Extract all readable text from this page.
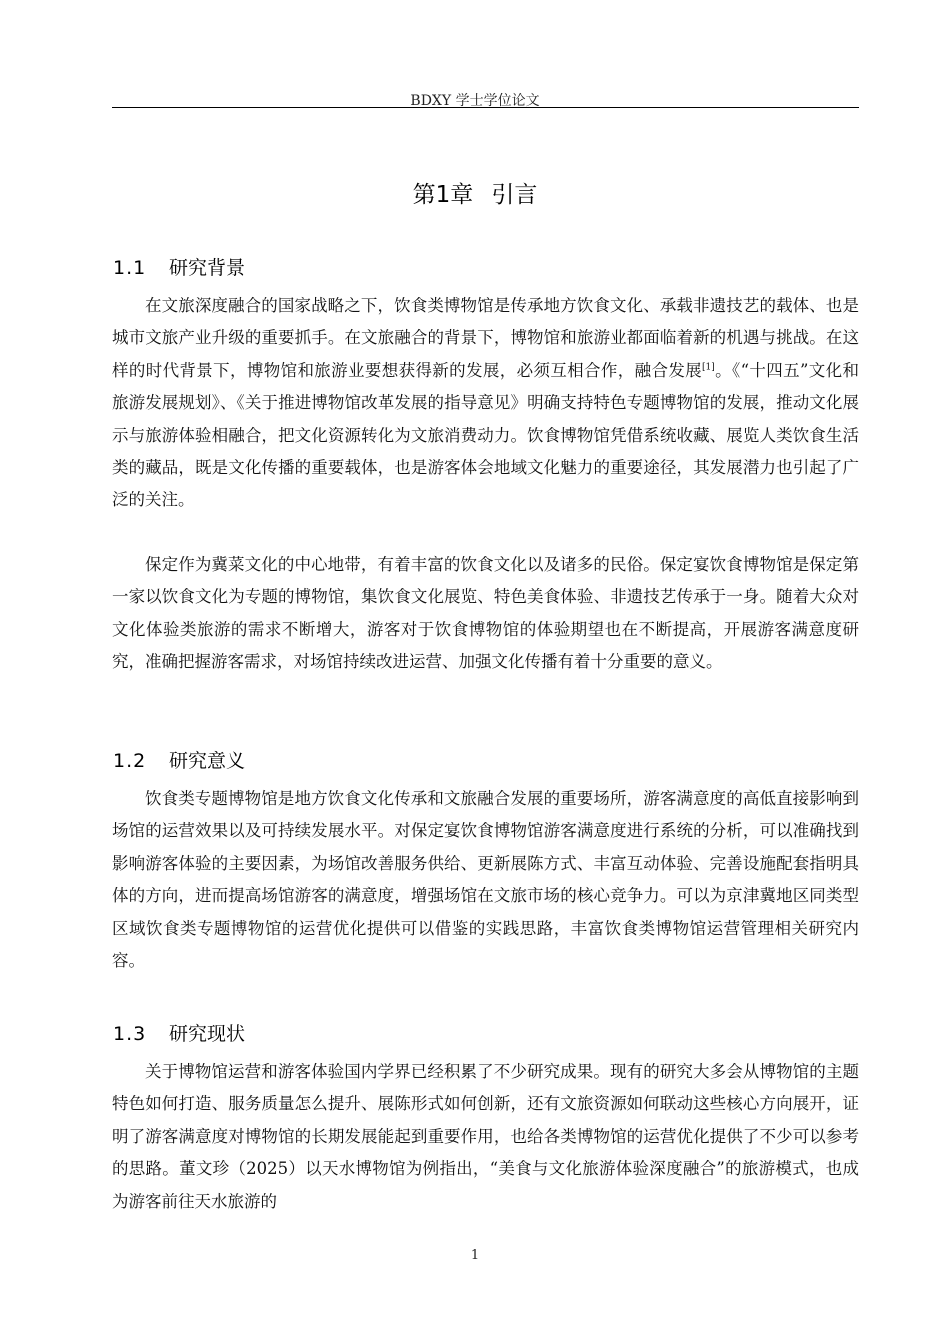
BDXY 学士学位论文
第1章 引言
1.1 研究背景

在文旅深度融合的国家战略之下，饮食类博物馆是传承地方饮食文化、承载非遗技艺的载体、也是城市文旅产业升级的重要抓手。在文旅融合的背景下，博物馆和旅游业都面临着新的机遇与挑战。在这样的时代背景下，博物馆和旅游业要想获得新的发展，必须互相合作，融合发展[1]。《“十四五”文化和旅游发展规划》、《关于推进博物馆改革发展的指导意见》明确支持特色专题博物馆的发展，推动文化展示与旅游体验相融合，把文化资源转化为文旅消费动力。饮食博物馆凭借系统收藏、展览人类饮食生活类的藏品，既是文化传播的重要载体，也是游客体会地域文化魅力的重要途径，其发展潜力也引起了广泛的关注。

保定作为冀菜文化的中心地带，有着丰富的饮食文化以及诸多的民俗。保定宴饮食博物馆是保定第一家以饮食文化为专题的博物馆，集饮食文化展览、特色美食体验、非遗技艺传承于一身。随着大众对文化体验类旅游的需求不断增大，游客对于饮食博物馆的体验期望也在不断提高，开展游客满意度研究，准确把握游客需求，对场馆持续改进运营、加强文化传播有着十分重要的意义。

1.2 研究意义

饮食类专题博物馆是地方饮食文化传承和文旅融合发展的重要场所，游客满意度的高低直接影响到场馆的运营效果以及可持续发展水平。对保定宴饮食博物馆游客满意度进行系统的分析，可以准确找到影响游客体验的主要因素，为场馆改善服务供给、更新展陈方式、丰富互动体验、完善设施配套指明具体的方向，进而提高场馆游客的满意度，增强场馆在文旅市场的核心竞争力。可以为京津冀地区同类型区域饮食类专题博物馆的运营优化提供可以借鉴的实践思路，丰富饮食类博物馆运营管理相关研究内容。

1.3 研究现状

关于博物馆运营和游客体验国内学界已经积累了不少研究成果。现有的研究大多会从博物馆的主题特色如何打造、服务质量怎么提升、展陈形式如何创新，还有文旅资源如何联动这些核心方向展开，证明了游客满意度对博物馆的长期发展能起到重要作用，也给各类博物馆的运营优化提供了不少可以参考的思路。董文珍（2025）以天水博物馆为例指出，“美食与文化旅游体验深度融合”的旅游模式，也成为游客前往天水旅游的

1
